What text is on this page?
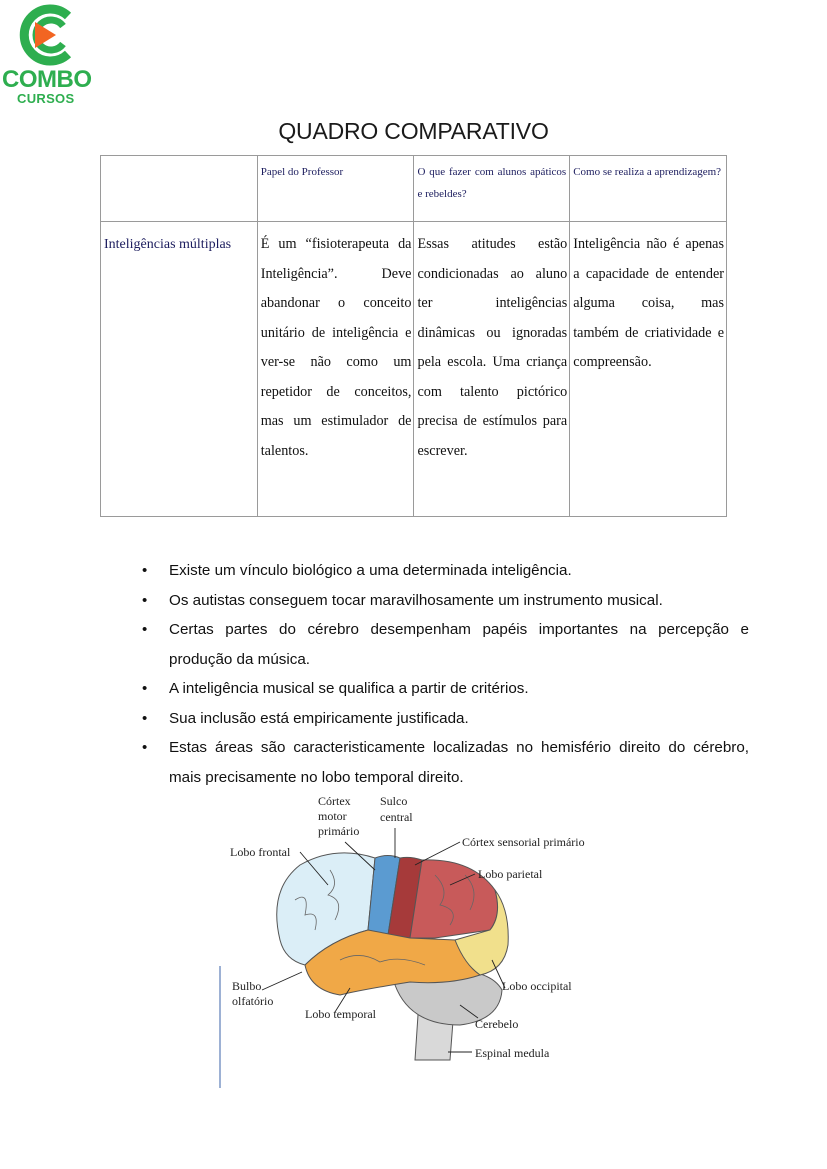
COMBO
CURSOS
QUADRO COMPARATIVO

	Papel do Professor	O que fazer com alunos apáticos e rebeldes?	Como se realiza a aprendizagem?

Inteligências múltiplas	É um “fisioterapeuta da Inteligência”. Deve abandonar o conceito unitário de inteligência e ver-se não como um repetidor de conceitos, mas um estimulador de talentos.	Essas atitudes estão condicionadas ao aluno ter inteligências dinâmicas ou ignoradas pela escola. Uma criança com talento pictórico precisa de estímulos para escrever.	Inteligência não é apenas a capacidade de entender alguma coisa, mas também de criatividade e compreensão.
• Existe um vínculo biológico a uma determinada inteligência.
• Os autistas conseguem tocar maravilhosamente um instrumento musical.
• Certas partes do cérebro desempenham papéis importantes na percepção e produção da música.
• A inteligência musical se qualifica a partir de critérios.
• Sua inclusão está empiricamente justificada.
• Estas áreas são caracteristicamente localizadas no hemisfério direito do cérebro, mais precisamente no lobo temporal direito.
Córtex
motor
primário
Sulco
central
Córtex sensorial primário
Lobo frontal
Lobo parietal
Bulbo
olfatório
Lobo occipital
Lobo temporal
Cerebelo
Espinal medula
